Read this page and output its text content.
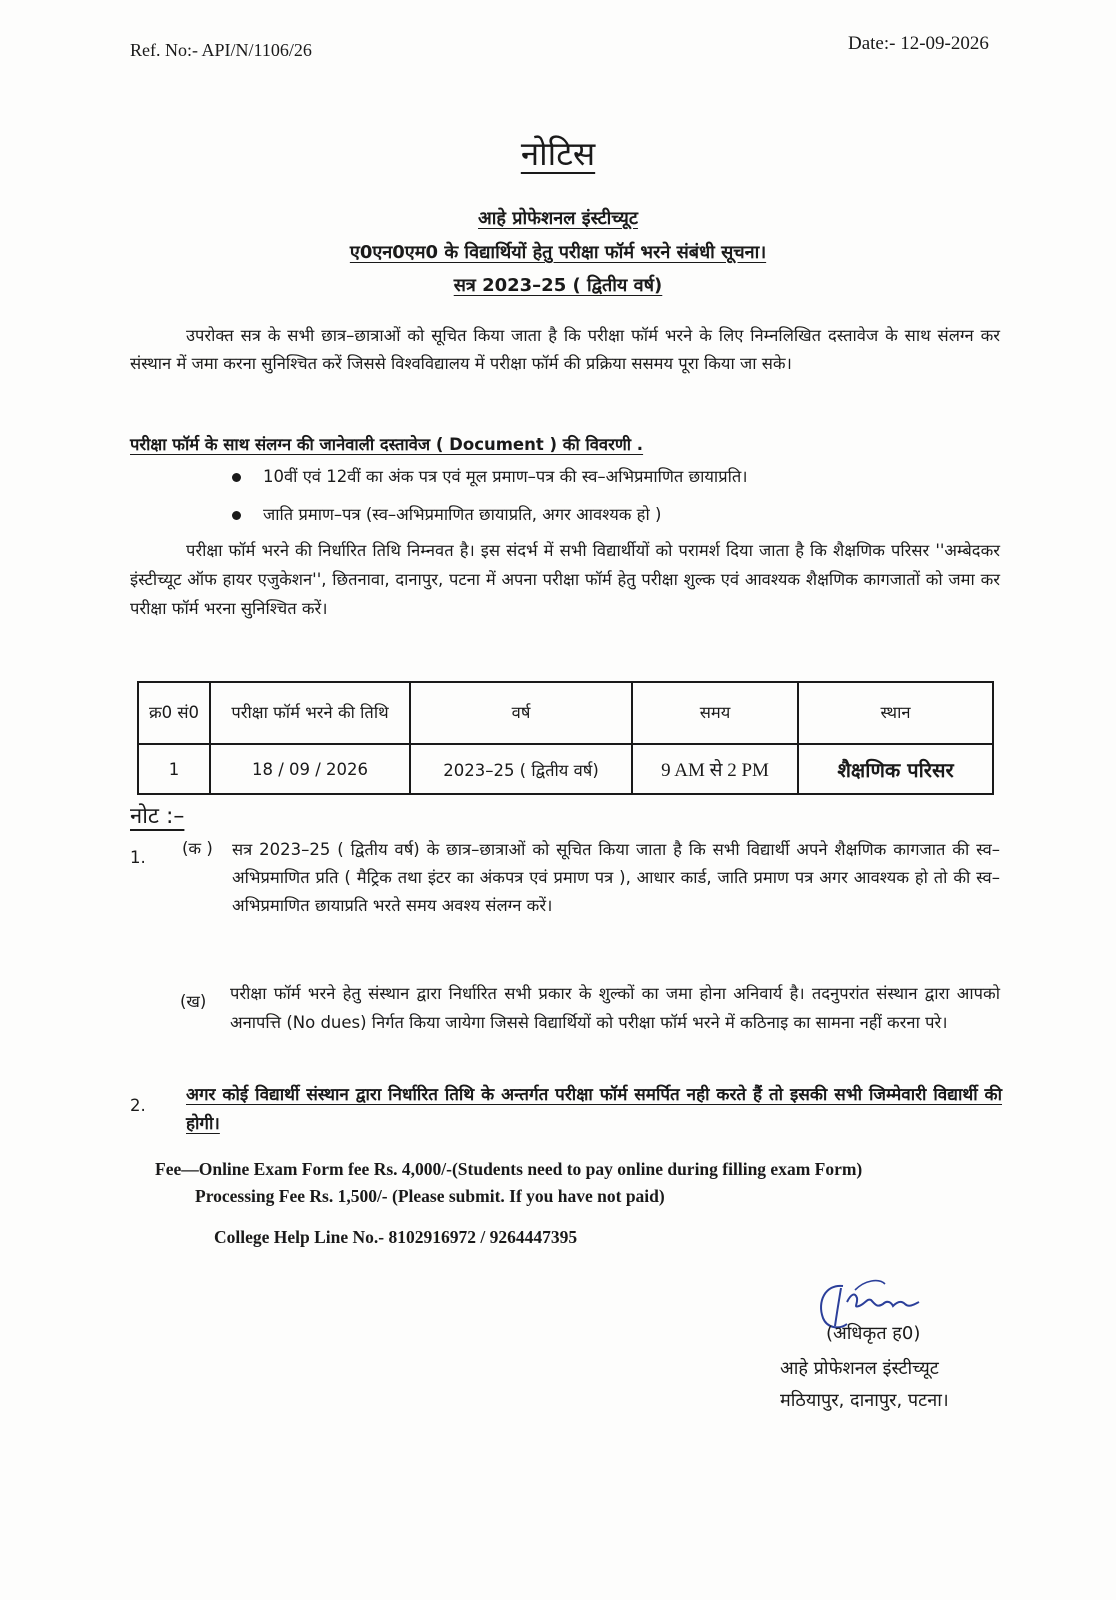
Ref. No:- API/N/1106/26	Date:- 12-09-2026
नोटिस
आहे प्रोफेशनल इंस्टीच्यूट
ए0एन0एम0 के विद्यार्थियों हेतु परीक्षा फॉर्म भरने संबंधी सूचना।
सत्र 2023–25 ( द्वितीय वर्ष)
उपरोक्त सत्र के सभी छात्र–छात्राओं को सूचित किया जाता है कि परीक्षा फॉर्म भरने के लिए निम्नलिखित दस्तावेज के साथ संलग्न कर संस्थान में जमा करना सुनिश्चित करें जिससे विश्वविद्यालय में परीक्षा फॉर्म की प्रक्रिया ससमय पूरा किया जा सके।
परीक्षा फॉर्म के साथ संलग्न की जानेवाली दस्तावेज ( Document ) की विवरणी .
10वीं एवं 12वीं का अंक पत्र एवं मूल प्रमाण–पत्र की स्व–अभिप्रमाणित छायाप्रति।
जाति प्रमाण–पत्र (स्व–अभिप्रमाणित छायाप्रति, अगर आवश्यक हो )
परीक्षा फॉर्म भरने की निर्धारित तिथि निम्नवत है। इस संदर्भ में सभी विद्यार्थीयों को परामर्श दिया जाता है कि शैक्षणिक परिसर ''अम्बेदकर इंस्टीच्यूट ऑफ हायर एजुकेशन'', छितनावा, दानापुर, पटना में अपना परीक्षा फॉर्म हेतु परीक्षा शुल्क एवं आवश्यक शैक्षणिक कागजातों को जमा कर परीक्षा फॉर्म भरना सुनिश्चित करें।
क्र0 सं0	परीक्षा फॉर्म भरने की तिथि	वर्ष	समय	स्थान
1	18 / 09 / 2026	2023–25 ( द्वितीय वर्ष)	9 AM से 2 PM	शैक्षणिक परिसर
नोट :–
1. (क ) सत्र 2023–25 ( द्वितीय वर्ष) के छात्र–छात्राओं को सूचित किया जाता है कि सभी विद्यार्थी अपने शैक्षणिक कागजात की स्व–अभिप्रमाणित प्रति ( मैट्रिक तथा इंटर का अंकपत्र एवं प्रमाण पत्र ), आधार कार्ड, जाति प्रमाण पत्र अगर आवश्यक हो तो की स्व–अभिप्रमाणित छायाप्रति भरते समय अवश्य संलग्न करें।
(ख) परीक्षा फॉर्म भरने हेतु संस्थान द्वारा निर्धारित सभी प्रकार के शुल्कों का जमा होना अनिवार्य है। तदनुपरांत संस्थान द्वारा आपको अनापत्ति (No dues) निर्गत किया जायेगा जिससे विद्यार्थियों को परीक्षा फॉर्म भरने में कठिनाइ का सामना नहीं करना परे।
2.
अगर कोई विद्यार्थी संस्थान द्वारा निर्धारित तिथि के अन्तर्गत परीक्षा फॉर्म समर्पित नही करते हैं तो इसकी सभी जिम्मेवारी विद्यार्थी की होगी।
Fee—Online Exam Form fee Rs. 4,000/-(Students need to pay online during filling exam Form)
Processing Fee Rs. 1,500/- (Please submit. If you have not paid)
College Help Line No.- 8102916972 / 9264447395
(अधिकृत ह0)
आहे प्रोफेशनल इंस्टीच्यूट
मठियापुर, दानापुर, पटना।
